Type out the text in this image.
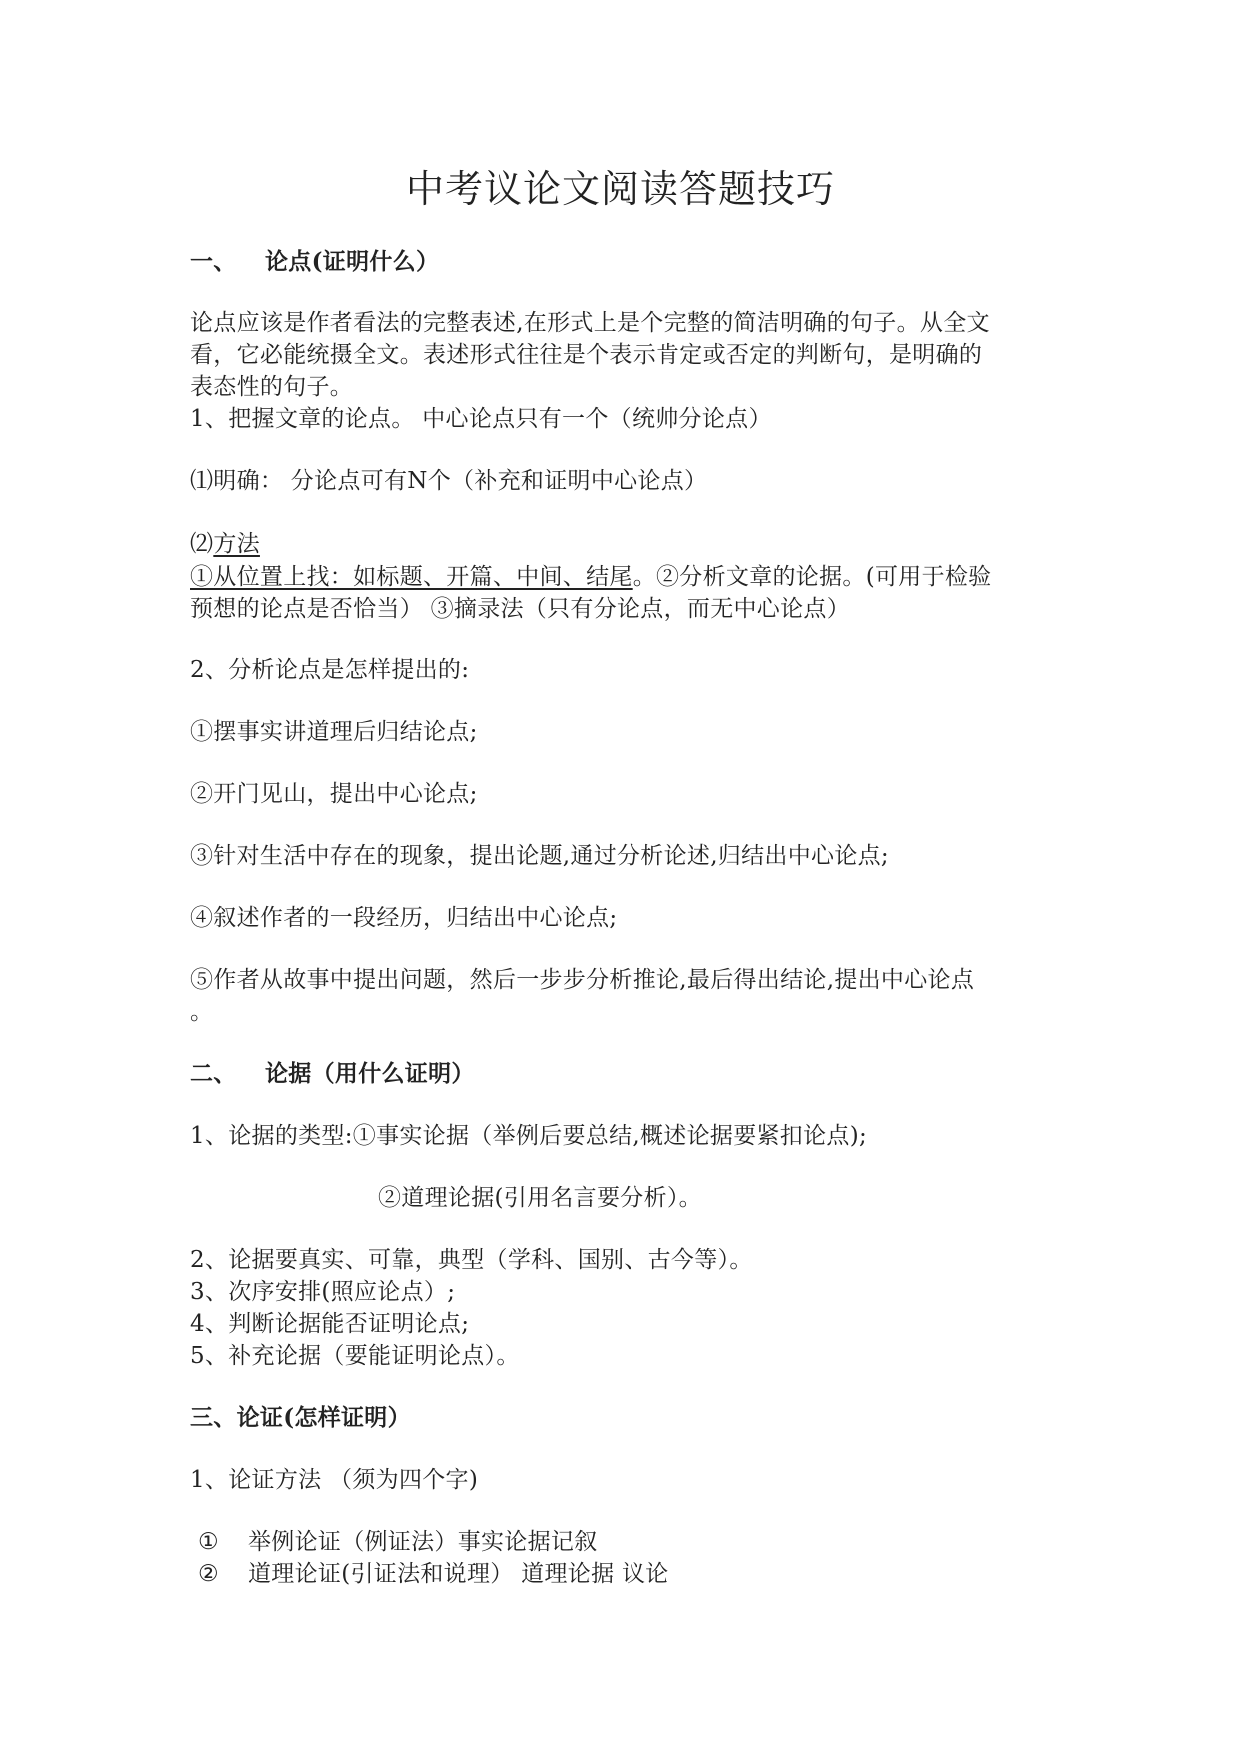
中考议论文阅读答题技巧
一、 论点(证明什么）
论点应该是作者看法的完整表述,在形式上是个完整的简洁明确的句子。从全文
看，它必能统摄全文。表述形式往往是个表示肯定或否定的判断句，是明确的
表态性的句子。
1、把握文章的论点。 中心论点只有一个（统帅分论点）
⑴明确： 分论点可有N个（补充和证明中心论点）
⑵方法
①从位置上找：如标题、开篇、中间、结尾。②分析文章的论据。(可用于检验
预想的论点是否恰当） ③摘录法（只有分论点，而无中心论点）
2、分析论点是怎样提出的:
①摆事实讲道理后归结论点;
②开门见山，提出中心论点;
③针对生活中存在的现象，提出论题,通过分析论述,归结出中心论点;
④叙述作者的一段经历，归结出中心论点;
⑤作者从故事中提出问题，然后一步步分析推论,最后得出结论,提出中心论点
。
二、 论据（用什么证明）
1、论据的类型:①事实论据（举例后要总结,概述论据要紧扣论点);
②道理论据(引用名言要分析）。
2、论据要真实、可靠，典型（学科、国别、古今等）。
3、次序安排(照应论点）;
4、判断论据能否证明论点;
5、补充论据（要能证明论点）。
三、论证(怎样证明）
1、论证方法 （须为四个字)
① 举例论证（例证法）事实论据记叙
② 道理论证(引证法和说理） 道理论据 议论
